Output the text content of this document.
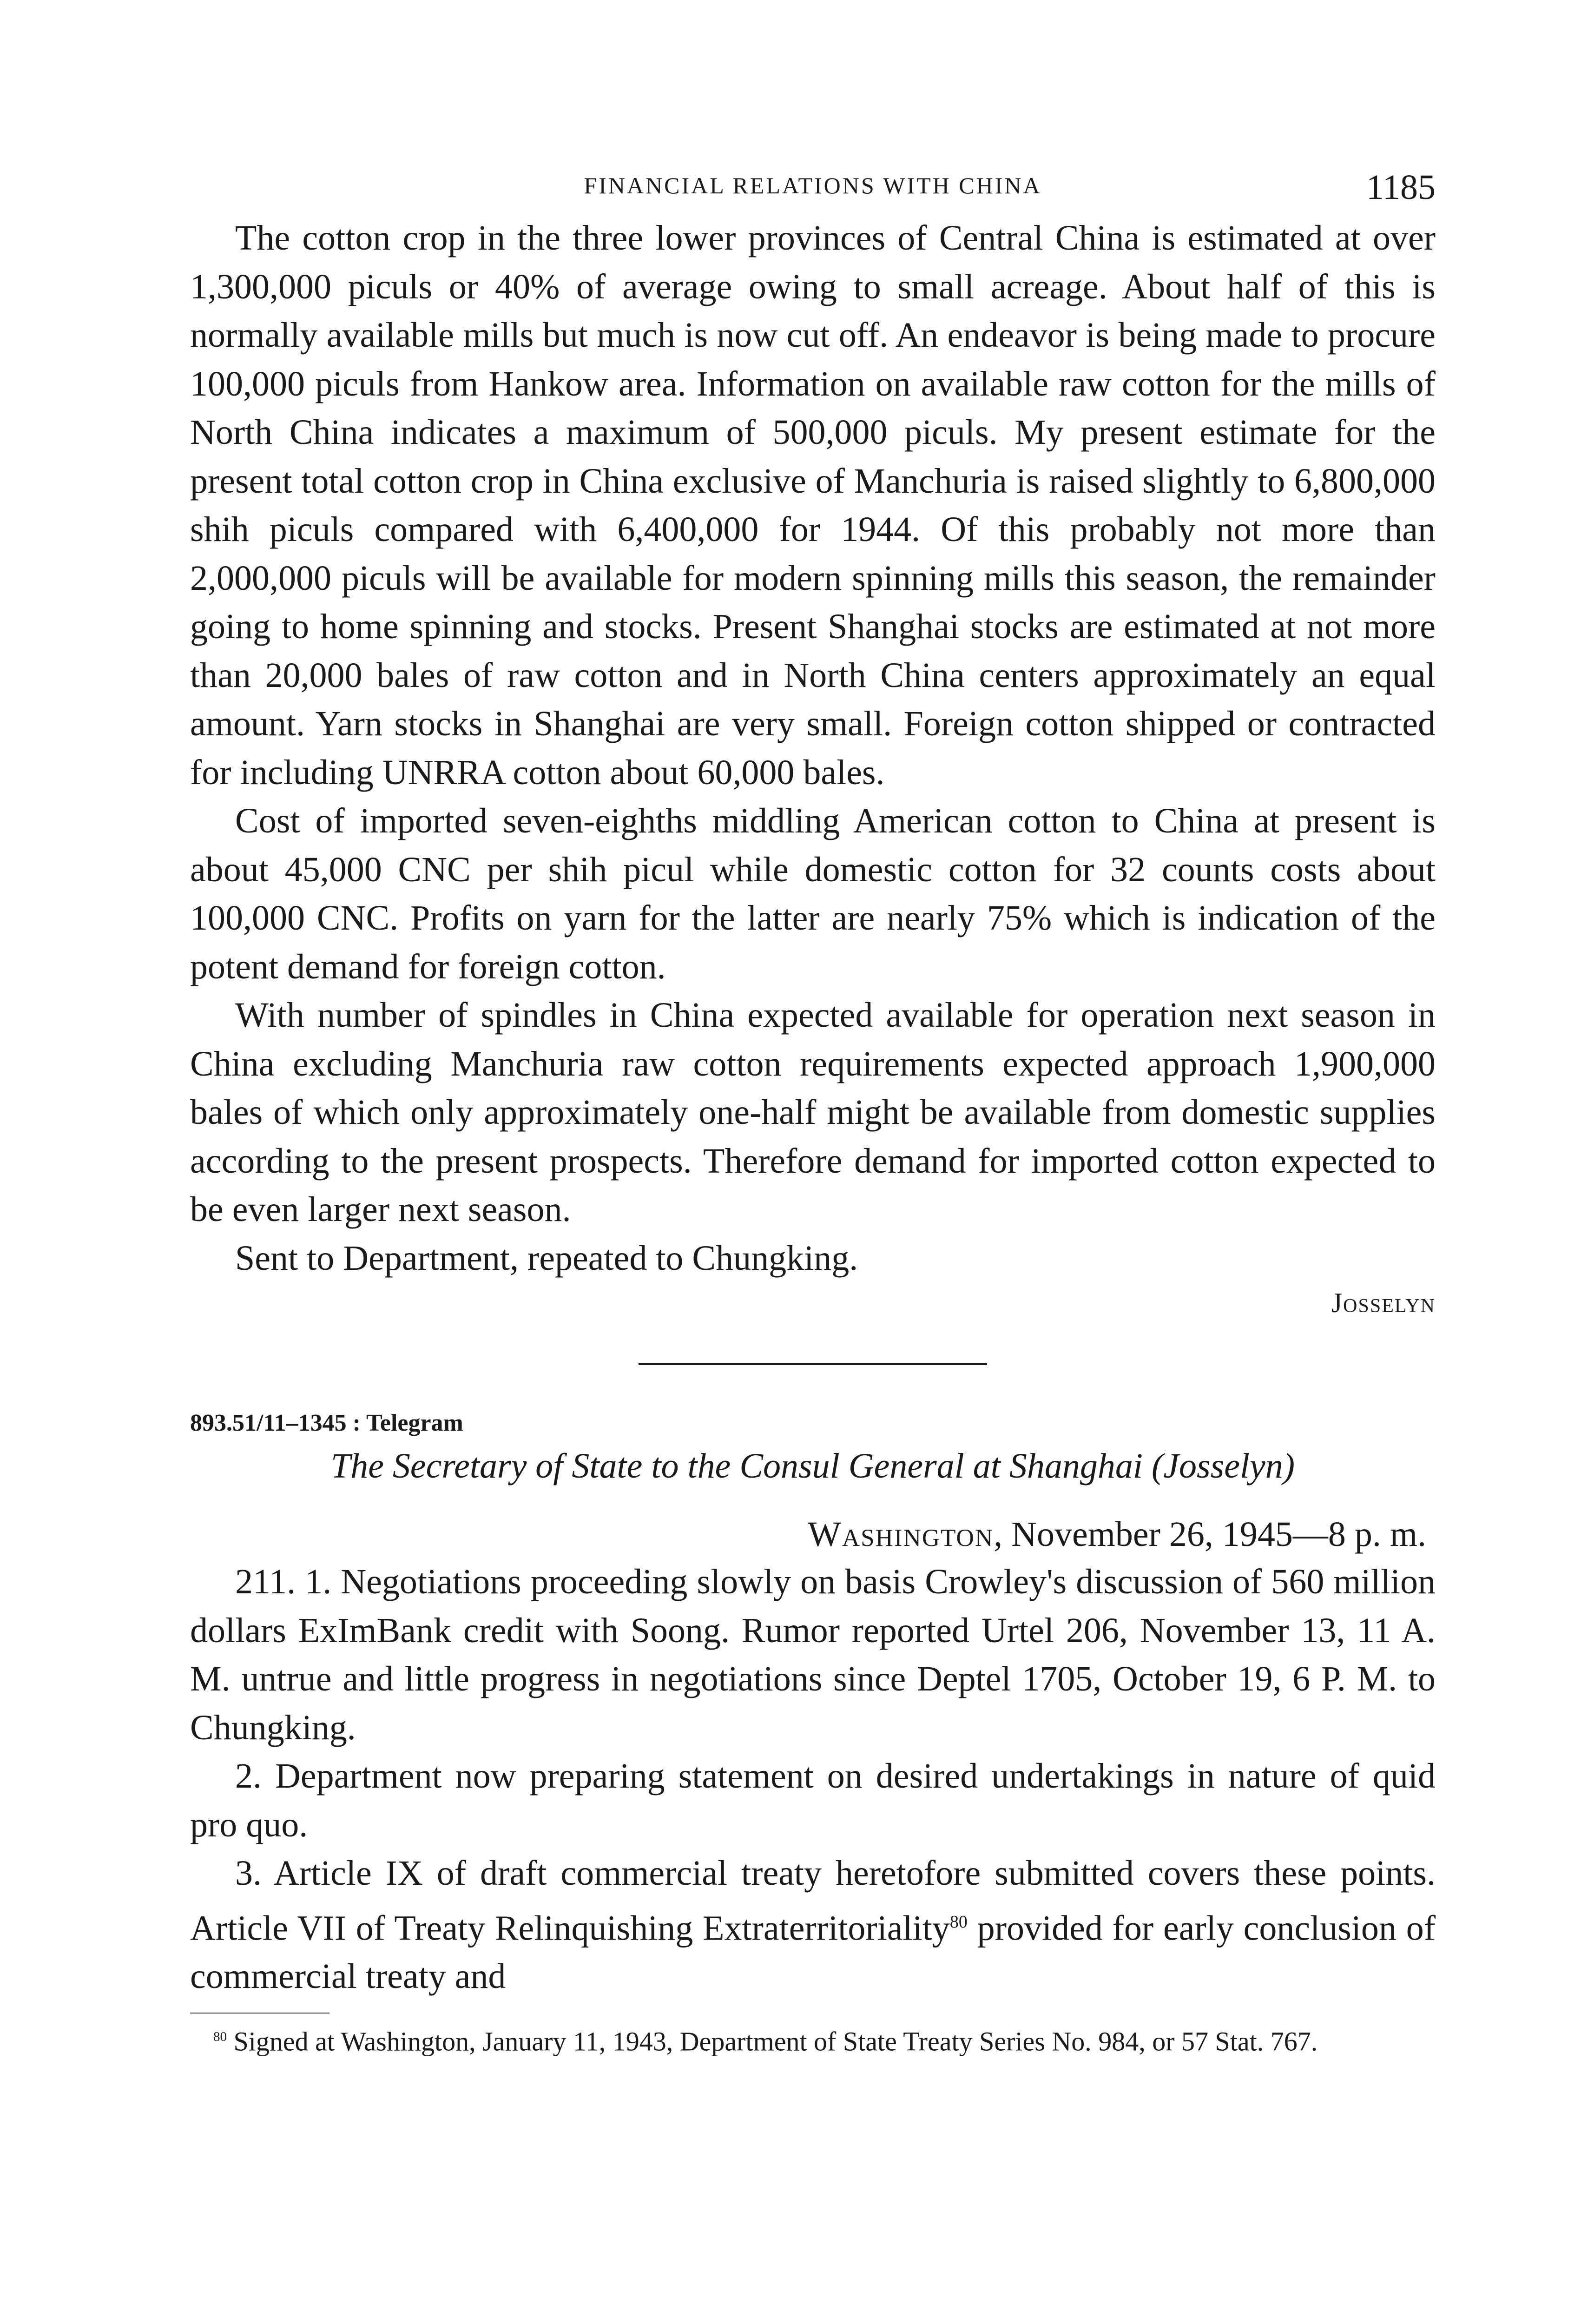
FINANCIAL RELATIONS WITH CHINA	1185

The cotton crop in the three lower provinces of Central China is estimated at over 1,300,000 piculs or 40% of average owing to small acreage. About half of this is normally available mills but much is now cut off. An endeavor is being made to procure 100,000 piculs from Hankow area. Information on available raw cotton for the mills of North China indicates a maximum of 500,000 piculs. My present estimate for the present total cotton crop in China exclusive of Manchuria is raised slightly to 6,800,000 shih piculs compared with 6,400,000 for 1944. Of this probably not more than 2,000,000 piculs will be available for modern spinning mills this season, the remainder going to home spinning and stocks. Present Shanghai stocks are estimated at not more than 20,000 bales of raw cotton and in North China centers approximately an equal amount. Yarn stocks in Shanghai are very small. Foreign cotton shipped or contracted for including UNRRA cotton about 60,000 bales.

Cost of imported seven-eighths middling American cotton to China at present is about 45,000 CNC per shih picul while domestic cotton for 32 counts costs about 100,000 CNC. Profits on yarn for the latter are nearly 75% which is indication of the potent demand for foreign cotton.

With number of spindles in China expected available for operation next season in China excluding Manchuria raw cotton requirements expected approach 1,900,000 bales of which only approximately one-half might be available from domestic supplies according to the present prospects. Therefore demand for imported cotton expected to be even larger next season.

Sent to Department, repeated to Chungking.

Josselyn

893.51/11–1345 : Telegram

The Secretary of State to the Consul General at Shanghai (Josselyn)

Washington, November 26, 1945—8 p. m.

211. 1. Negotiations proceeding slowly on basis Crowley's discussion of 560 million dollars ExImBank credit with Soong. Rumor reported Urtel 206, November 13, 11 A. M. untrue and little progress in negotiations since Deptel 1705, October 19, 6 P. M. to Chungking.

2. Department now preparing statement on desired undertakings in nature of quid pro quo.

3. Article IX of draft commercial treaty heretofore submitted covers these points. Article VII of Treaty Relinquishing Extraterritoriality$^{80}$ provided for early conclusion of commercial treaty and

$^{80}$ Signed at Washington, January 11, 1943, Department of State Treaty Series No. 984, or 57 Stat. 767.
